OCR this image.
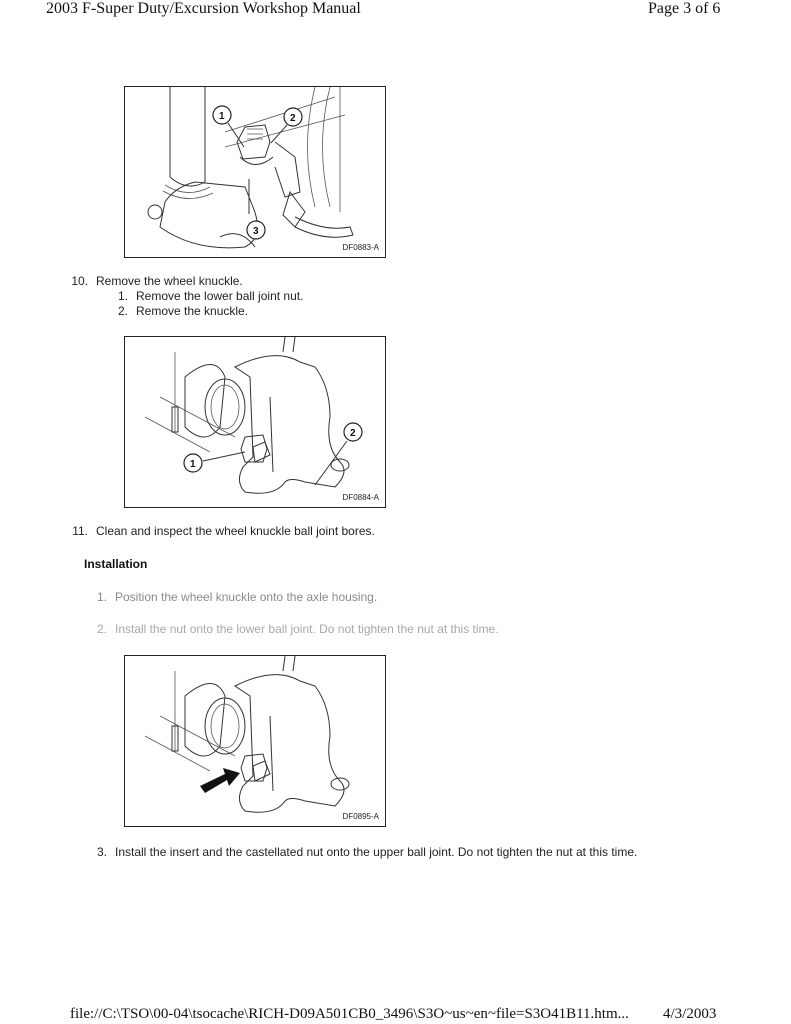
2003 F-Super Duty/Excursion Workshop Manual	Page 3 of 6
1	2
3
DF0883-A
10. Remove the wheel knuckle.
1. Remove the lower ball joint nut.
2. Remove the knuckle.
1
2
DF0884-A
11. Clean and inspect the wheel knuckle ball joint bores.
Installation
1. Position the wheel knuckle onto the axle housing.
2. Install the nut onto the lower ball joint. Do not tighten the nut at this time.
DF0895-A
3. Install the insert and the castellated nut onto the upper ball joint. Do not tighten the nut at this time.
file://C:\TSO\00-04\tsocache\RICH-D09A501CB0_3496\S3O~us~en~file=S3O41B11.htm... 4/3/2003
